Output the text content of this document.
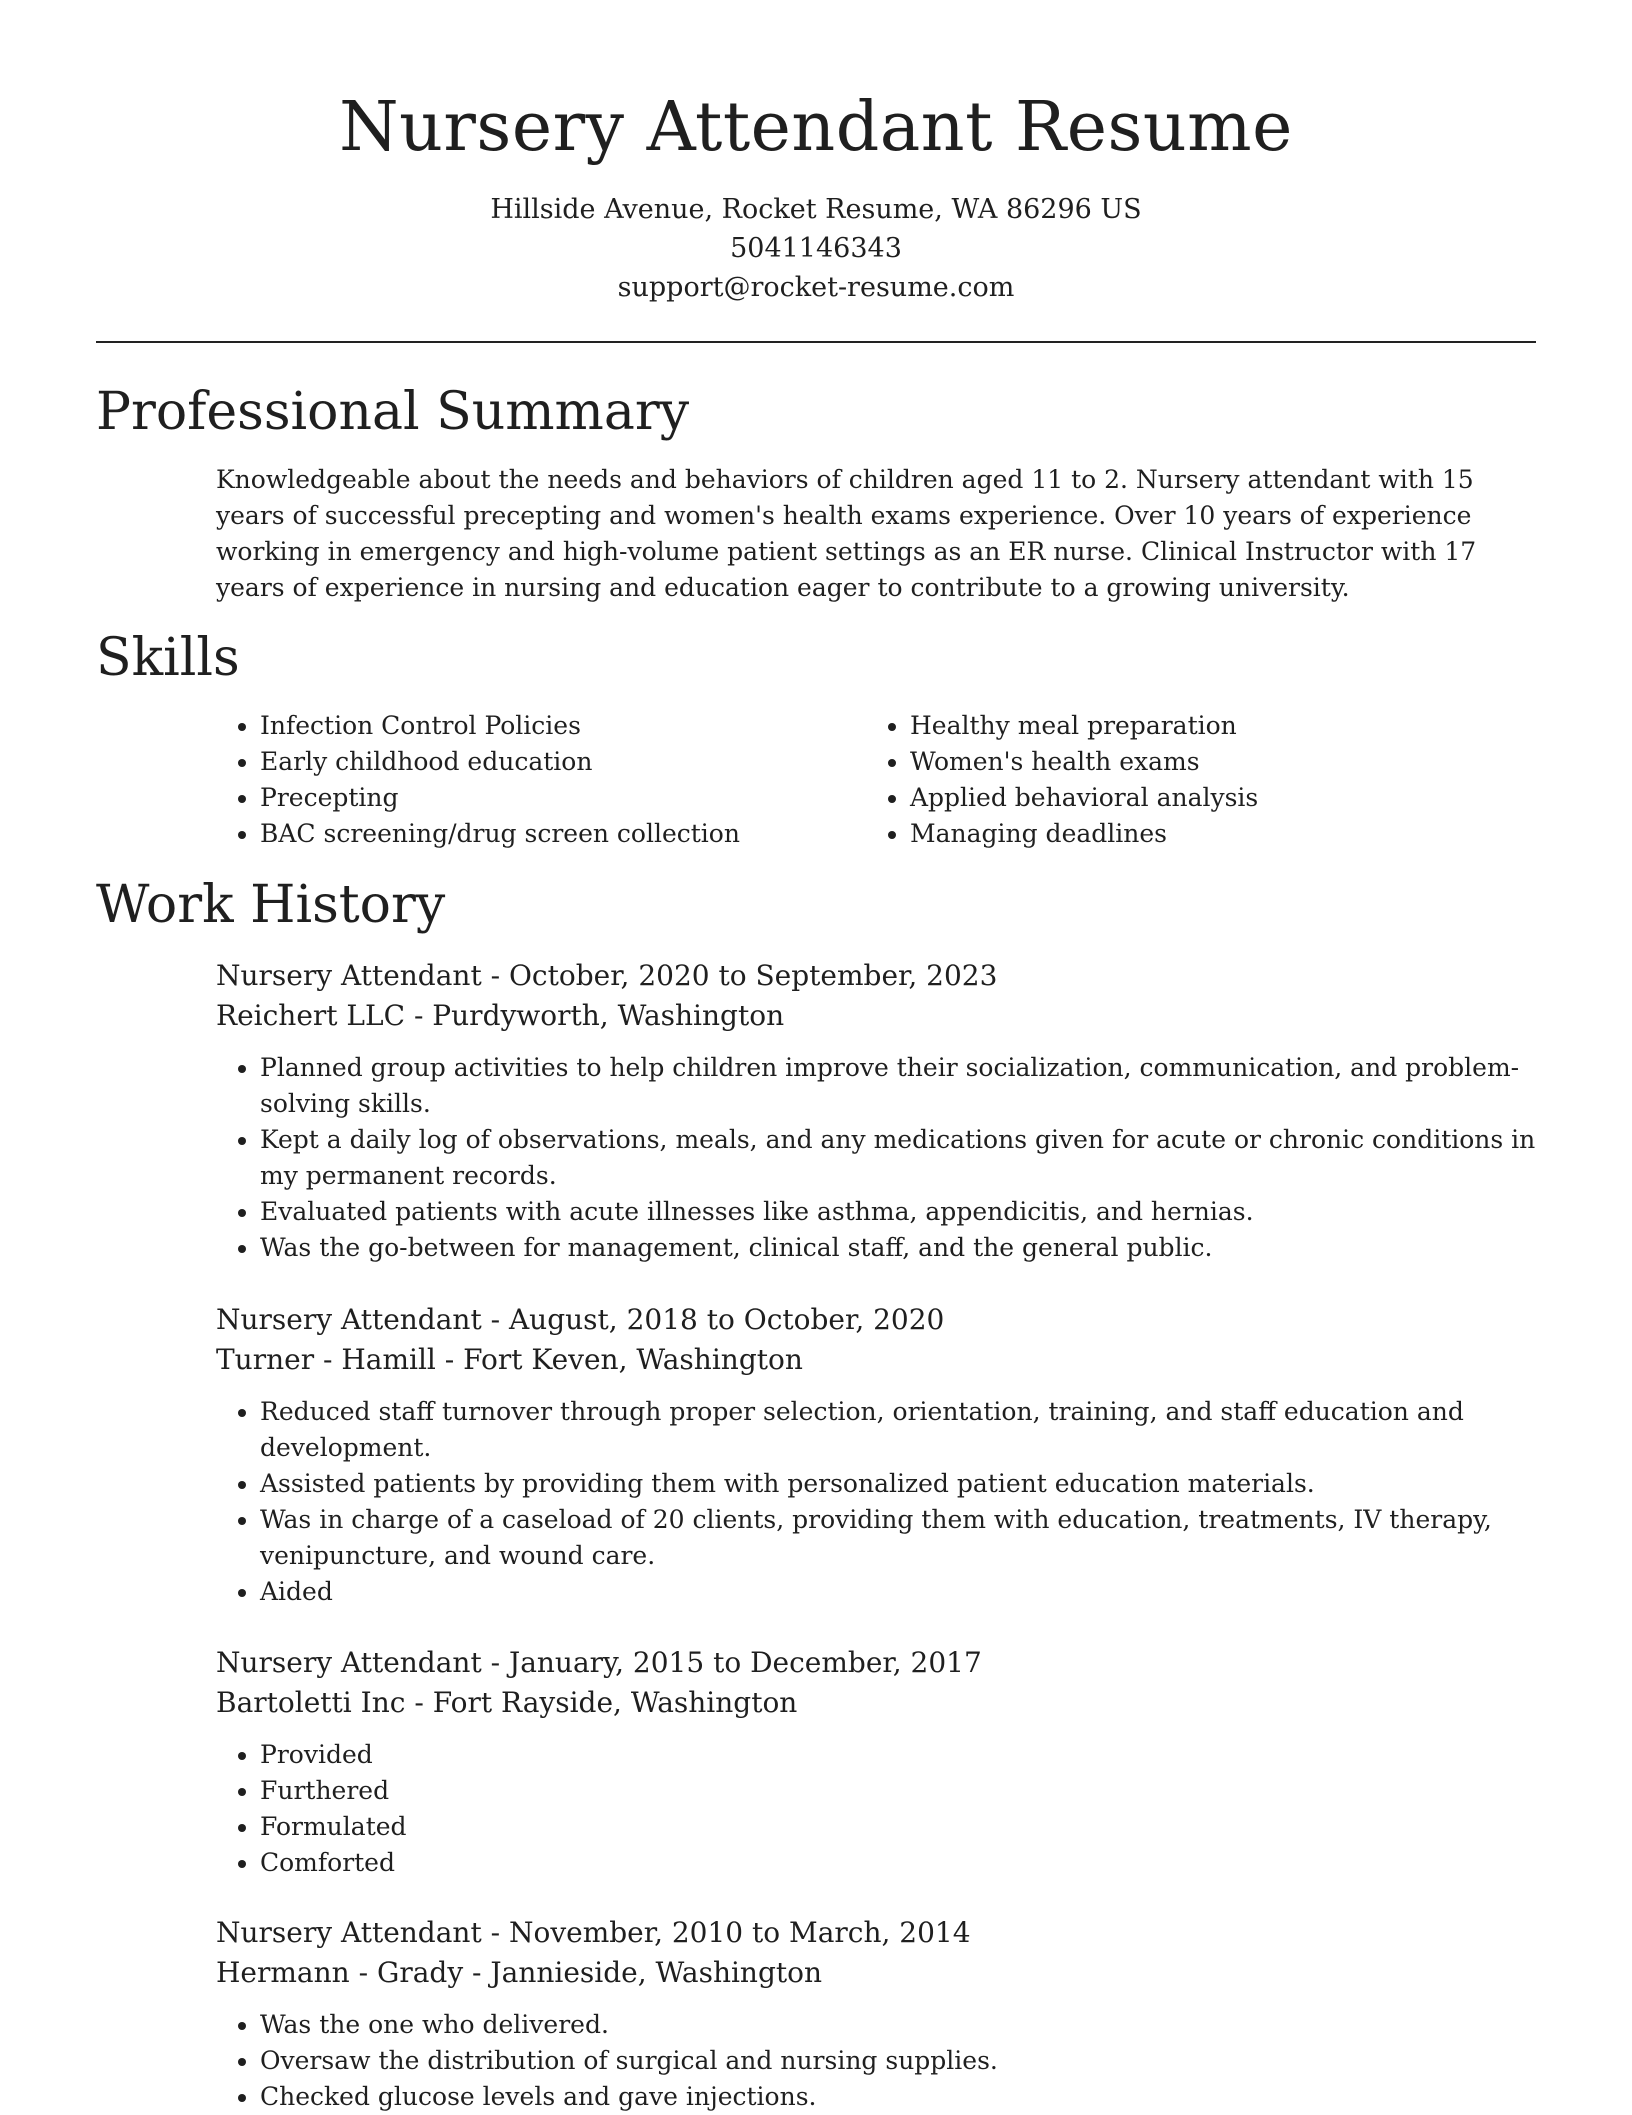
Nursery Attendant Resume

Hillside Avenue, Rocket Resume, WA 86296 US

5041146343

support@rocket-resume.com

Professional Summary

Knowledgeable about the needs and behaviors of children aged 11 to 2. Nursery attendant with 15 years of successful precepting and women's health exams experience. Over 10 years of experience working in emergency and high-volume patient settings as an ER nurse. Clinical Instructor with 17 years of experience in nursing and education eager to contribute to a growing university.

Skills
• Infection Control Policies
• Early childhood education
• Precepting
• BAC screening/drug screen collection
• Healthy meal preparation
• Women's health exams
• Applied behavioral analysis
• Managing deadlines
Work History

Nursery Attendant - October, 2020 to September, 2023

Reichert LLC - Purdyworth, Washington

• Planned group activities to help children improve their socialization, communication, and problem-solving skills.
• Kept a daily log of observations, meals, and any medications given for acute or chronic conditions in my permanent records.
• Evaluated patients with acute illnesses like asthma, appendicitis, and hernias.
• Was the go-between for management, clinical staff, and the general public.

Nursery Attendant - August, 2018 to October, 2020

Turner - Hamill - Fort Keven, Washington

• Reduced staff turnover through proper selection, orientation, training, and staff education and development.
• Assisted patients by providing them with personalized patient education materials.
• Was in charge of a caseload of 20 clients, providing them with education, treatments, IV therapy, venipuncture, and wound care.
• Aided

Nursery Attendant - January, 2015 to December, 2017

Bartoletti Inc - Fort Rayside, Washington

• Provided
• Furthered
• Formulated
• Comforted

Nursery Attendant - November, 2010 to March, 2014

Hermann - Grady - Jannieside, Washington

• Was the one who delivered.
• Oversaw the distribution of surgical and nursing supplies.
• Checked glucose levels and gave injections.
